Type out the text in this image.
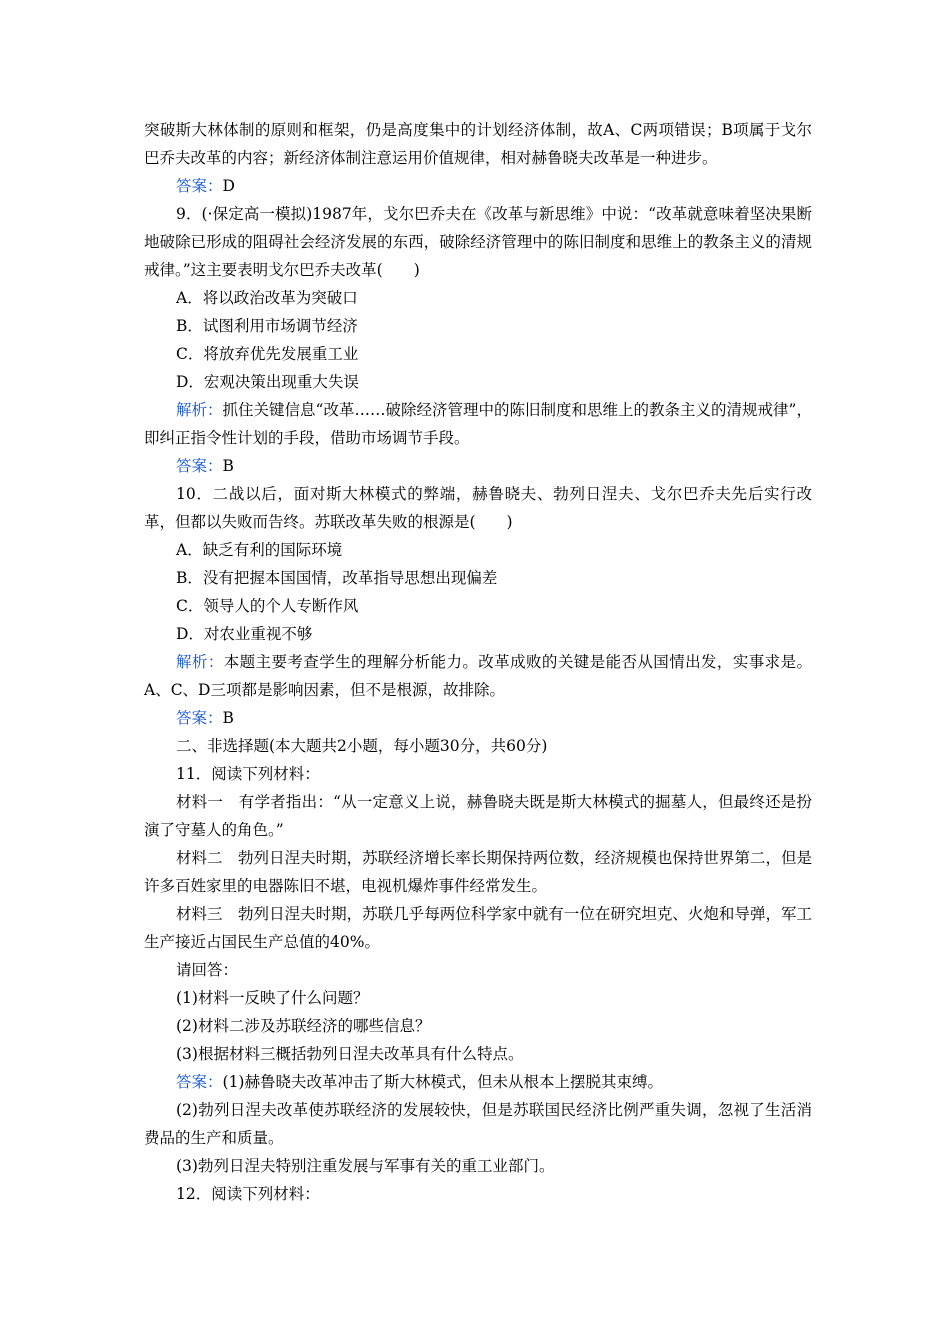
突破斯大林体制的原则和框架，仍是高度集中的计划经济体制，故A、C两项错误；B项属于戈尔巴乔夫改革的内容；新经济体制注意运用价值规律，相对赫鲁晓夫改革是一种进步。

答案：D

9．(·保定高一模拟)1987年，戈尔巴乔夫在《改革与新思维》中说：“改革就意味着坚决果断地破除已形成的阻碍社会经济发展的东西，破除经济管理中的陈旧制度和思维上的教条主义的清规戒律。”这主要表明戈尔巴乔夫改革(　　)

A．将以政治改革为突破口

B．试图利用市场调节经济

C．将放弃优先发展重工业

D．宏观决策出现重大失误

解析：抓住关键信息“改革……破除经济管理中的陈旧制度和思维上的教条主义的清规戒律”，即纠正指令性计划的手段，借助市场调节手段。

答案：B

10．二战以后，面对斯大林模式的弊端，赫鲁晓夫、勃列日涅夫、戈尔巴乔夫先后实行改革，但都以失败而告终。苏联改革失败的根源是(　　)

A．缺乏有利的国际环境

B．没有把握本国国情，改革指导思想出现偏差

C．领导人的个人专断作风

D．对农业重视不够

解析：本题主要考查学生的理解分析能力。改革成败的关键是能否从国情出发，实事求是。A、C、D三项都是影响因素，但不是根源，故排除。

答案：B

二、非选择题(本大题共2小题，每小题30分，共60分)

11．阅读下列材料：

材料一　有学者指出：“从一定意义上说，赫鲁晓夫既是斯大林模式的掘墓人，但最终还是扮演了守墓人的角色。”

材料二　勃列日涅夫时期，苏联经济增长率长期保持两位数，经济规模也保持世界第二，但是许多百姓家里的电器陈旧不堪，电视机爆炸事件经常发生。

材料三　勃列日涅夫时期，苏联几乎每两位科学家中就有一位在研究坦克、火炮和导弹，军工生产接近占国民生产总值的40%。

请回答：

(1)材料一反映了什么问题？

(2)材料二涉及苏联经济的哪些信息？

(3)根据材料三概括勃列日涅夫改革具有什么特点。

答案：(1)赫鲁晓夫改革冲击了斯大林模式，但未从根本上摆脱其束缚。

(2)勃列日涅夫改革使苏联经济的发展较快，但是苏联国民经济比例严重失调，忽视了生活消费品的生产和质量。

(3)勃列日涅夫特别注重发展与军事有关的重工业部门。

12．阅读下列材料：
